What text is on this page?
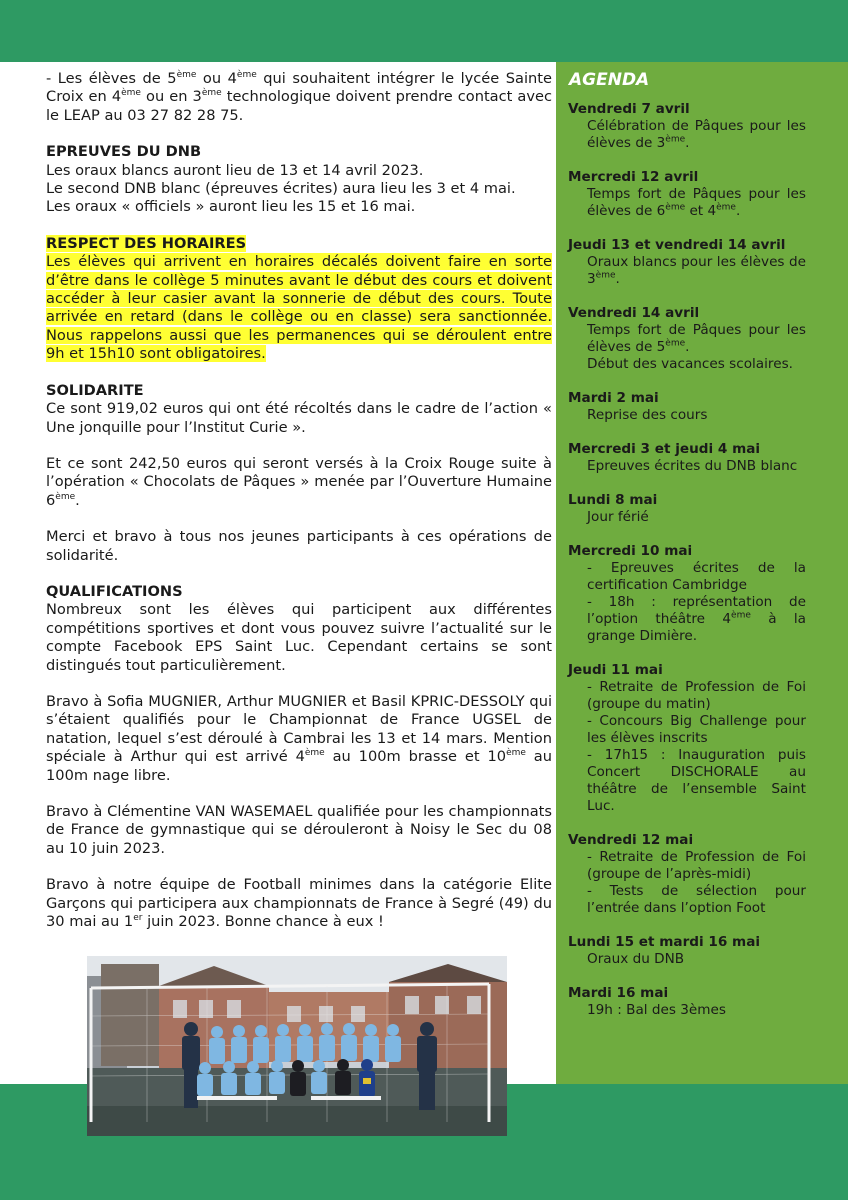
- Les élèves de 5ème ou 4ème qui souhaitent intégrer le lycée Sainte Croix en 4ème ou en 3ème technologique doivent prendre contact avec le LEAP au 03 27 82 28 75.

EPREUVES DU DNB

Les oraux blancs auront lieu de 13 et 14 avril 2023.

Le second DNB blanc (épreuves écrites) aura lieu les 3 et 4 mai.

Les oraux « officiels » auront lieu les 15 et 16 mai.

RESPECT DES HORAIRES

Les élèves qui arrivent en horaires décalés doivent faire en sorte d’être dans le collège 5 minutes avant le début des cours et doivent accéder à leur casier avant la sonnerie de début des cours. Toute arrivée en retard (dans le collège ou en classe) sera sanctionnée. Nous rappelons aussi que les permanences qui se déroulent entre 9h et 15h10 sont obligatoires.

SOLIDARITE

Ce sont 919,02 euros qui ont été récoltés dans le cadre de l’action « Une jonquille pour l’Institut Curie ».

Et ce sont 242,50 euros qui seront versés à la Croix Rouge suite à l’opération « Chocolats de Pâques » menée par l’Ouverture Humaine 6ème.

Merci et bravo à tous nos jeunes participants à ces opérations de solidarité.

QUALIFICATIONS

Nombreux sont les élèves qui participent aux différentes compétitions sportives et dont vous pouvez suivre l’actualité sur le compte Facebook EPS Saint Luc. Cependant certains se sont distingués tout particulièrement.

Bravo à Sofia MUGNIER, Arthur MUGNIER et Basil KPRIC-DESSOLY qui s’étaient qualifiés pour le Championnat de France UGSEL de natation, lequel s’est déroulé à Cambrai les 13 et 14 mars. Mention spéciale à Arthur qui est arrivé 4ème au 100m brasse et 10ème au 100m nage libre.

Bravo à Clémentine VAN WASEMAEL qualifiée pour les championnats de France de gymnastique qui se dérouleront à Noisy le Sec du 08 au 10 juin 2023.

Bravo à notre équipe de Football minimes dans la catégorie Elite Garçons qui participera aux championnats de France à Segré (49) du 30 mai au 1er juin 2023. Bonne chance à eux !

AGENDA
Vendredi 7 avril
Célébration de Pâques pour les élèves de 3ème.
Mercredi 12 avril
Temps fort de Pâques pour les élèves de 6ème et 4ème.
Jeudi 13 et vendredi 14 avril
Oraux blancs pour les élèves de 3ème.
Vendredi 14 avril
Temps fort de Pâques pour les élèves de 5ème.
Début des vacances scolaires.
Mardi 2 mai
Reprise des cours
Mercredi 3 et jeudi 4 mai
Epreuves écrites du DNB blanc
Lundi 8 mai
Jour férié
Mercredi 10 mai
- Epreuves écrites de la certification Cambridge
- 18h : représentation de l’option théâtre 4ème à la grange Dimière.
Jeudi 11 mai
- Retraite de Profession de Foi (groupe du matin)
- Concours Big Challenge pour les élèves inscrits
- 17h15 : Inauguration puis Concert DISCHORALE au théâtre de l’ensemble Saint Luc.
Vendredi 12 mai
- Retraite de Profession de Foi (groupe de l’après-midi)
- Tests de sélection pour l’entrée dans l’option Foot
Lundi 15 et mardi 16 mai
Oraux du DNB
Mardi 16 mai
19h : Bal des 3èmes
